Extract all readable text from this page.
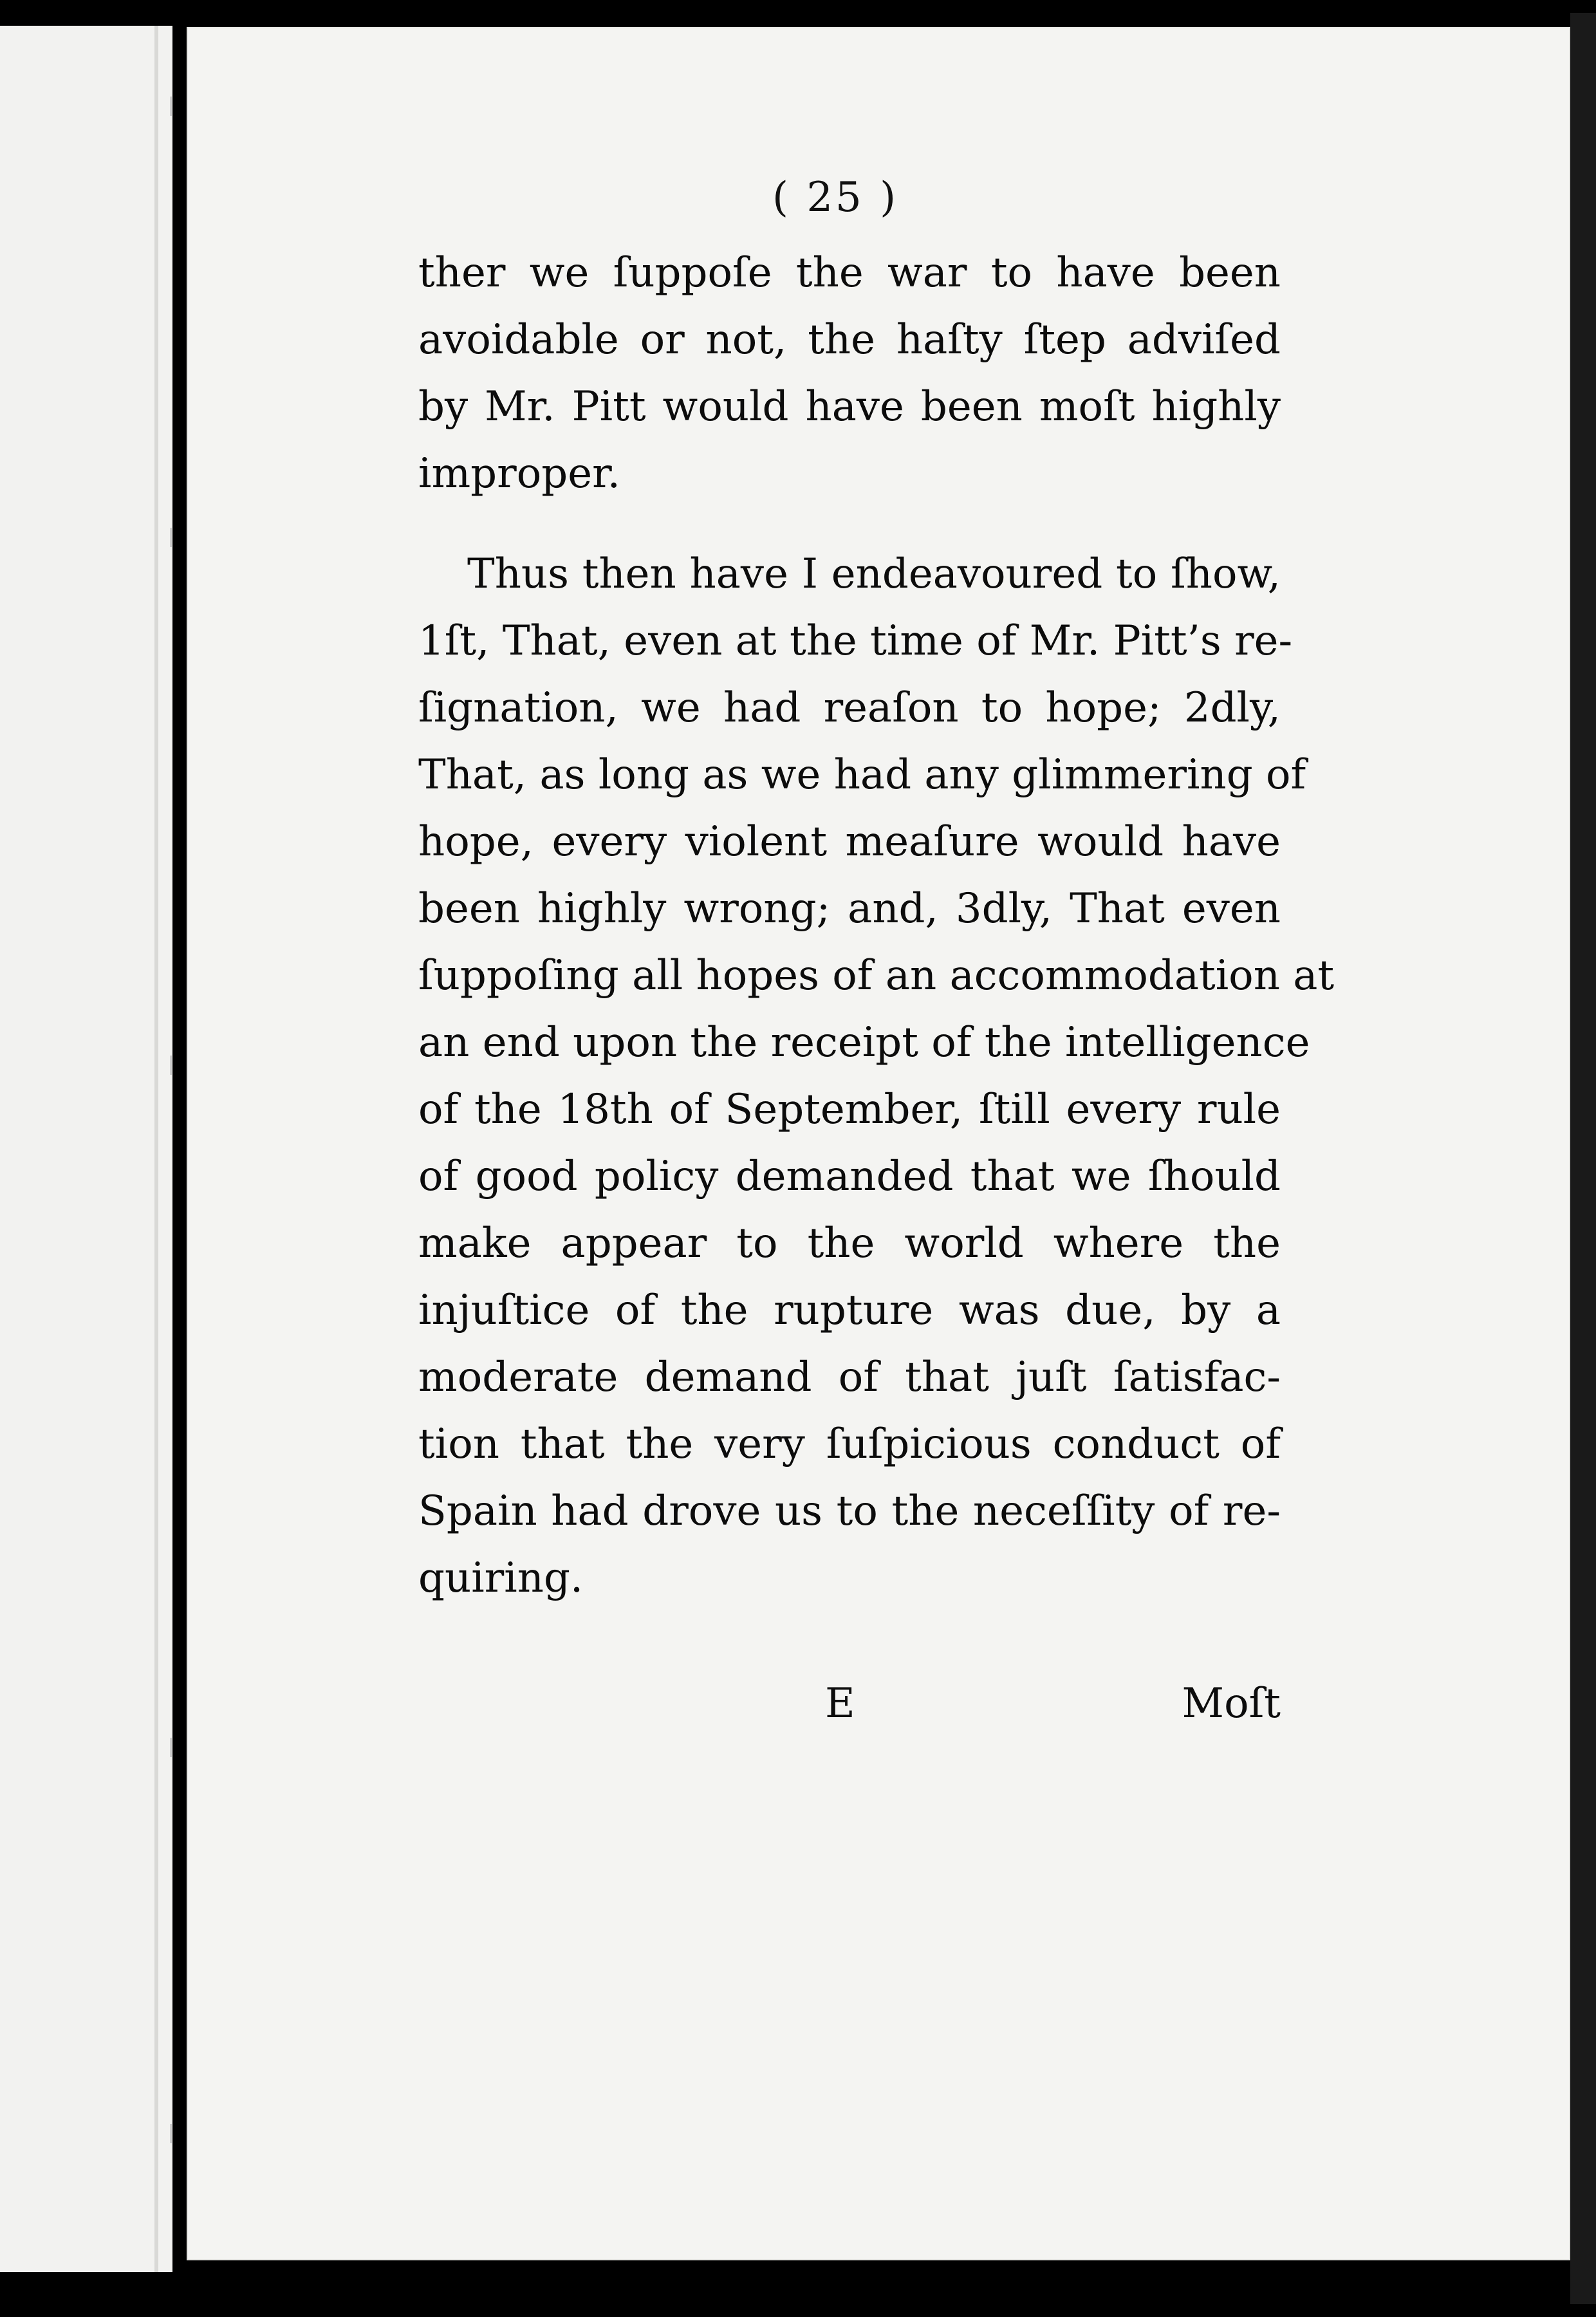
( 25 )
ther we ſuppoſe the war to have been
avoidable or not, the haſty ſtep adviſed
by Mr. Pitt would have been moſt highly
improper.
Thus then have I endeavoured to ſhow,
1ſt, That, even at the time of Mr. Pitt’s re-
ſignation, we had reaſon to hope; 2dly,
That, as long as we had any glimmering of
hope, every violent meaſure would have
been highly wrong; and, 3dly, That even
ſuppoſing all hopes of an accommodation at
an end upon the receipt of the intelligence
of the 18th of September, ſtill every rule
of good policy demanded that we ſhould
make appear to the world where the
injuſtice of the rupture was due, by a
moderate demand of that juſt ſatisfac-
tion that the very ſuſpicious conduct of
Spain had drove us to the neceſſity of re-
quiring.
E	Moſt
